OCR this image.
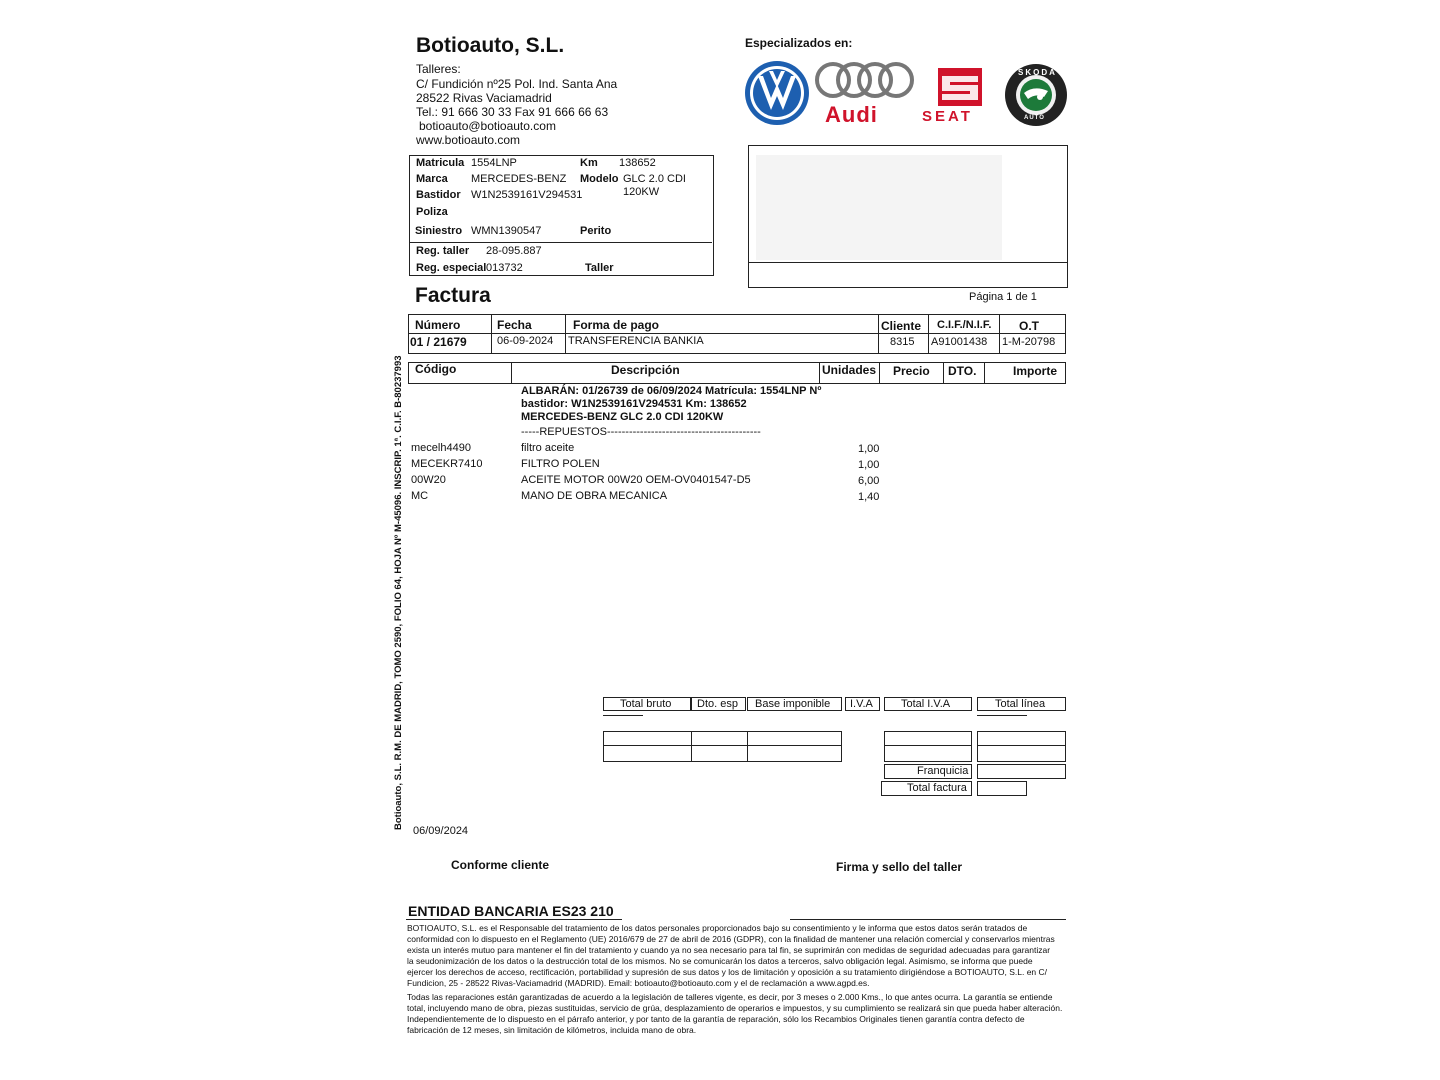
Botioauto, S.L.
Talleres:
C/ Fundición nº25 Pol. Ind. Santa Ana
28522 Rivas Vaciamadrid
Tel.: 91 666 30 33 Fax 91 666 66 63
botioauto@botioauto.com
www.botioauto.com
Especializados en:
Audi	SEAT
SKODA
AUTO
Matricula 1554LNP	Km 138652
Marca MERCEDES-BENZ Modelo GLC 2.0 CDI
120KW
Bastidor W1N2539161V294531
Poliza
Siniestro WMN1390547	Perito
Reg. taller 28-095.887
Reg. especial 013732	Taller
Factura	Página 1 de 1
Número	Fecha	Forma de pago	Cliente C.I.F./N.I.F. O.T
01 / 21679	06-09-2024 TRANSFERENCIA BANKIA	8315 A91001438 1-M-20798
Código	Descripción	Unidades Precio DTO.	Importe
ALBARÁN: 01/26739 de 06/09/2024 Matrícula: 1554LNP Nº
bastidor: W1N2539161V294531 Km: 138652
MERCEDES-BENZ GLC 2.0 CDI 120KW
-----REPUESTOS------------------------------------------
mecelh4490	filtro aceite	1,00
MECEKR7410	FILTRO POLEN	1,00
00W20	ACEITE MOTOR 00W20 OEM-OV0401547-D5	6,00
MC	MANO DE OBRA MECANICA	1,40
Total bruto Dto. esp Base imponible I.V.A	Total I.V.A	Total línea
Franquicia
Total factura
Botioauto, S.L. R.M. DE MADRID, TOMO 2590, FOLIO 64, HOJA Nº M-45096. INSCRIP. 1ª. C.I.F. B-80237993
06/09/2024
Conforme cliente	Firma y sello del taller
ENTIDAD BANCARIA ES23 210
BOTIOAUTO, S.L. es el Responsable del tratamiento de los datos personales proporcionados bajo su consentimiento y le informa que estos datos serán tratados de
conformidad con lo dispuesto en el Reglamento (UE) 2016/679 de 27 de abril de 2016 (GDPR), con la finalidad de mantener una relación comercial y conservarlos mientras
exista un interés mutuo para mantener el fin del tratamiento y cuando ya no sea necesario para tal fin, se suprimirán con medidas de seguridad adecuadas para garantizar
la seudonimización de los datos o la destrucción total de los mismos. No se comunicarán los datos a terceros, salvo obligación legal. Asimismo, se informa que puede
ejercer los derechos de acceso, rectificación, portabilidad y supresión de sus datos y los de limitación y oposición a su tratamiento dirigiéndose a BOTIOAUTO, S.L. en C/
Fundicion, 25 - 28522 Rivas-Vaciamadrid (MADRID). Email: botioauto@botioauto.com y el de reclamación a www.agpd.es.
Todas las reparaciones están garantizadas de acuerdo a la legislación de talleres vigente, es decir, por 3 meses o 2.000 Kms., lo que antes ocurra. La garantía se entiende
total, incluyendo mano de obra, piezas sustituidas, servicio de grúa, desplazamiento de operarios e impuestos, y su cumplimiento se realizará sin que pueda haber alteración.
Independientemente de lo dispuesto en el párrafo anterior, y por tanto de la garantía de reparación, sólo los Recambios Originales tienen garantía contra defecto de
fabricación de 12 meses, sin limitación de kilómetros, incluida mano de obra.
